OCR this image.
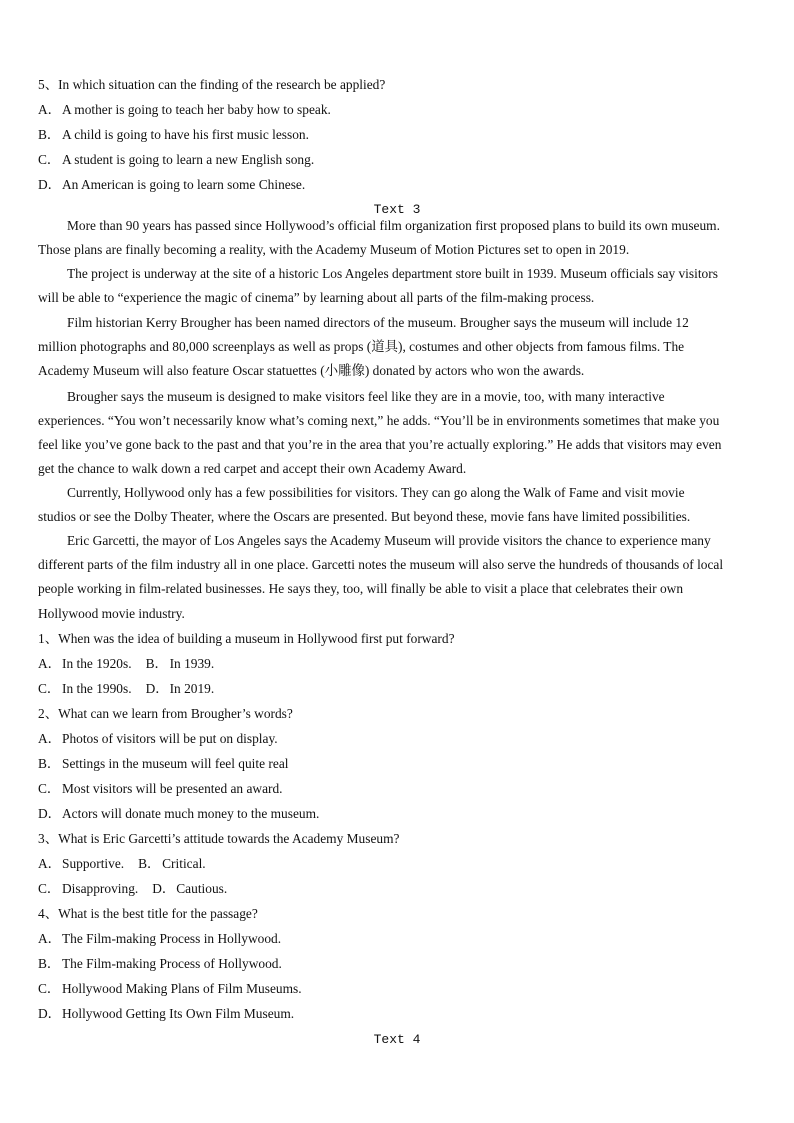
5、In which situation can the finding of the research be applied?
A．A mother is going to teach her baby how to speak.
B． A child is going to have his first music lesson.
C． A student is going to learn a new English song.
D．An American is going to learn some Chinese.
Text 3
More than 90 years has passed since Hollywood’s official film organization first proposed plans to build its own museum.
Those plans are finally becoming a reality, with the Academy Museum of Motion Pictures set to open in 2019.
The project is underway at the site of a historic Los Angeles department store built in 1939. Museum officials say visitors
will be able to “experience the magic of cinema” by learning about all parts of the film-making process.
Film historian Kerry Brougher has been named directors of the museum. Brougher says the museum will include 12
million photographs and 80,000 screenplays as well as props (道具), costumes and other objects from famous films. The
Academy Museum will also feature Oscar statuettes (小雕像) donated by actors who won the awards.
Brougher says the museum is designed to make visitors feel like they are in a movie, too, with many interactive
experiences. “You won’t necessarily know what’s coming next,” he adds. “You’ll be in environments sometimes that make you
feel like you’ve gone back to the past and that you’re in the area that you’re actually exploring.” He adds that visitors may even
get the chance to walk down a red carpet and accept their own Academy Award.
Currently, Hollywood only has a few possibilities for visitors. They can go along the Walk of Fame and visit movie
studios or see the Dolby Theater, where the Oscars are presented. But beyond these, movie fans have limited possibilities.
Eric Garcetti, the mayor of Los Angeles says the Academy Museum will provide visitors the chance to experience many
different parts of the film industry all in one place. Garcetti notes the museum will also serve the hundreds of thousands of local
people working in film-related businesses. He says they, too, will finally be able to visit a place that celebrates their own
Hollywood movie industry.
1、When was the idea of building a museum in Hollywood first put forward?
A．In the 1920s. B． In 1939.
C． In the 1990s. D．In 2019.
2、What can we learn from Brougher’s words?
A．Photos of visitors will be put on display.
B． Settings in the museum will feel quite real
C． Most visitors will be presented an award.
D．Actors will donate much money to the museum.
3、What is Eric Garcetti’s attitude towards the Academy Museum?
A．Supportive. B． Critical.
C． Disapproving. D．Cautious.
4、What is the best title for the passage?
A．The Film-making Process in Hollywood.
B． The Film-making Process of Hollywood.
C． Hollywood Making Plans of Film Museums.
D．Hollywood Getting Its Own Film Museum.
Text 4
